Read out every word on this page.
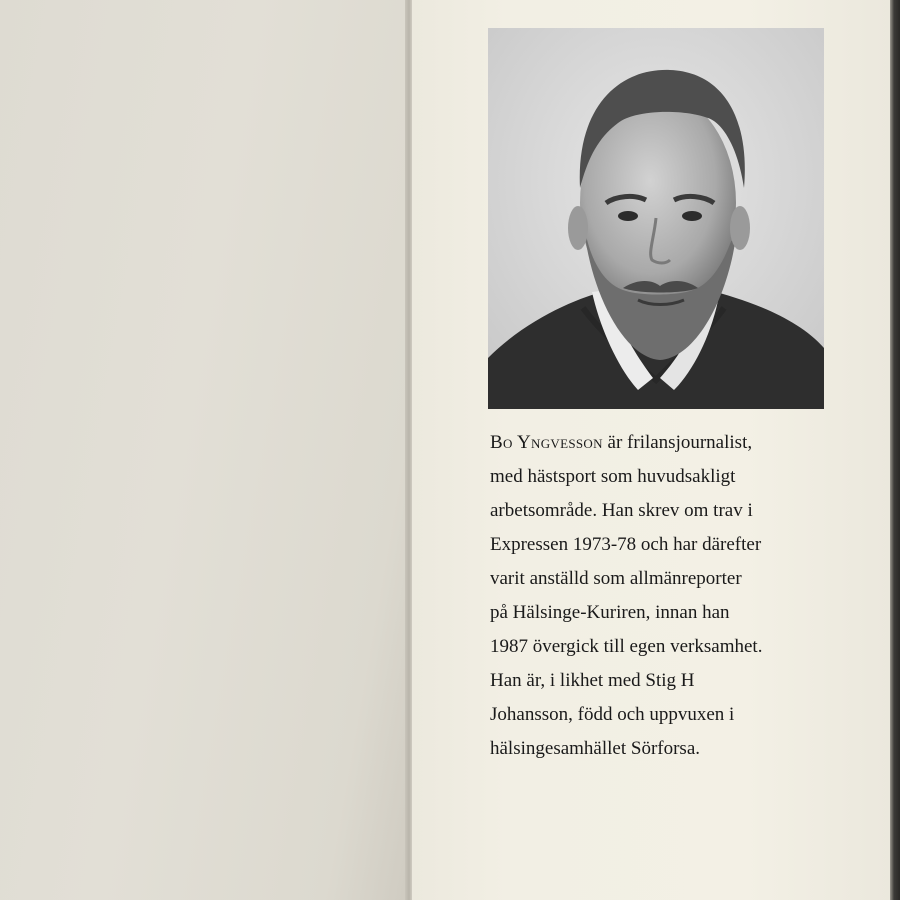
Bo Yngvesson är frilansjournalist,
med hästsport som huvudsakligt
arbetsområde. Han skrev om trav i
Expressen 1973-78 och har därefter
varit anställd som allmänreporter
på Hälsinge-Kuriren, innan han
1987 övergick till egen verksamhet.
Han är, i likhet med Stig H
Johansson, född och uppvuxen i
hälsingesamhället Sörforsa.
